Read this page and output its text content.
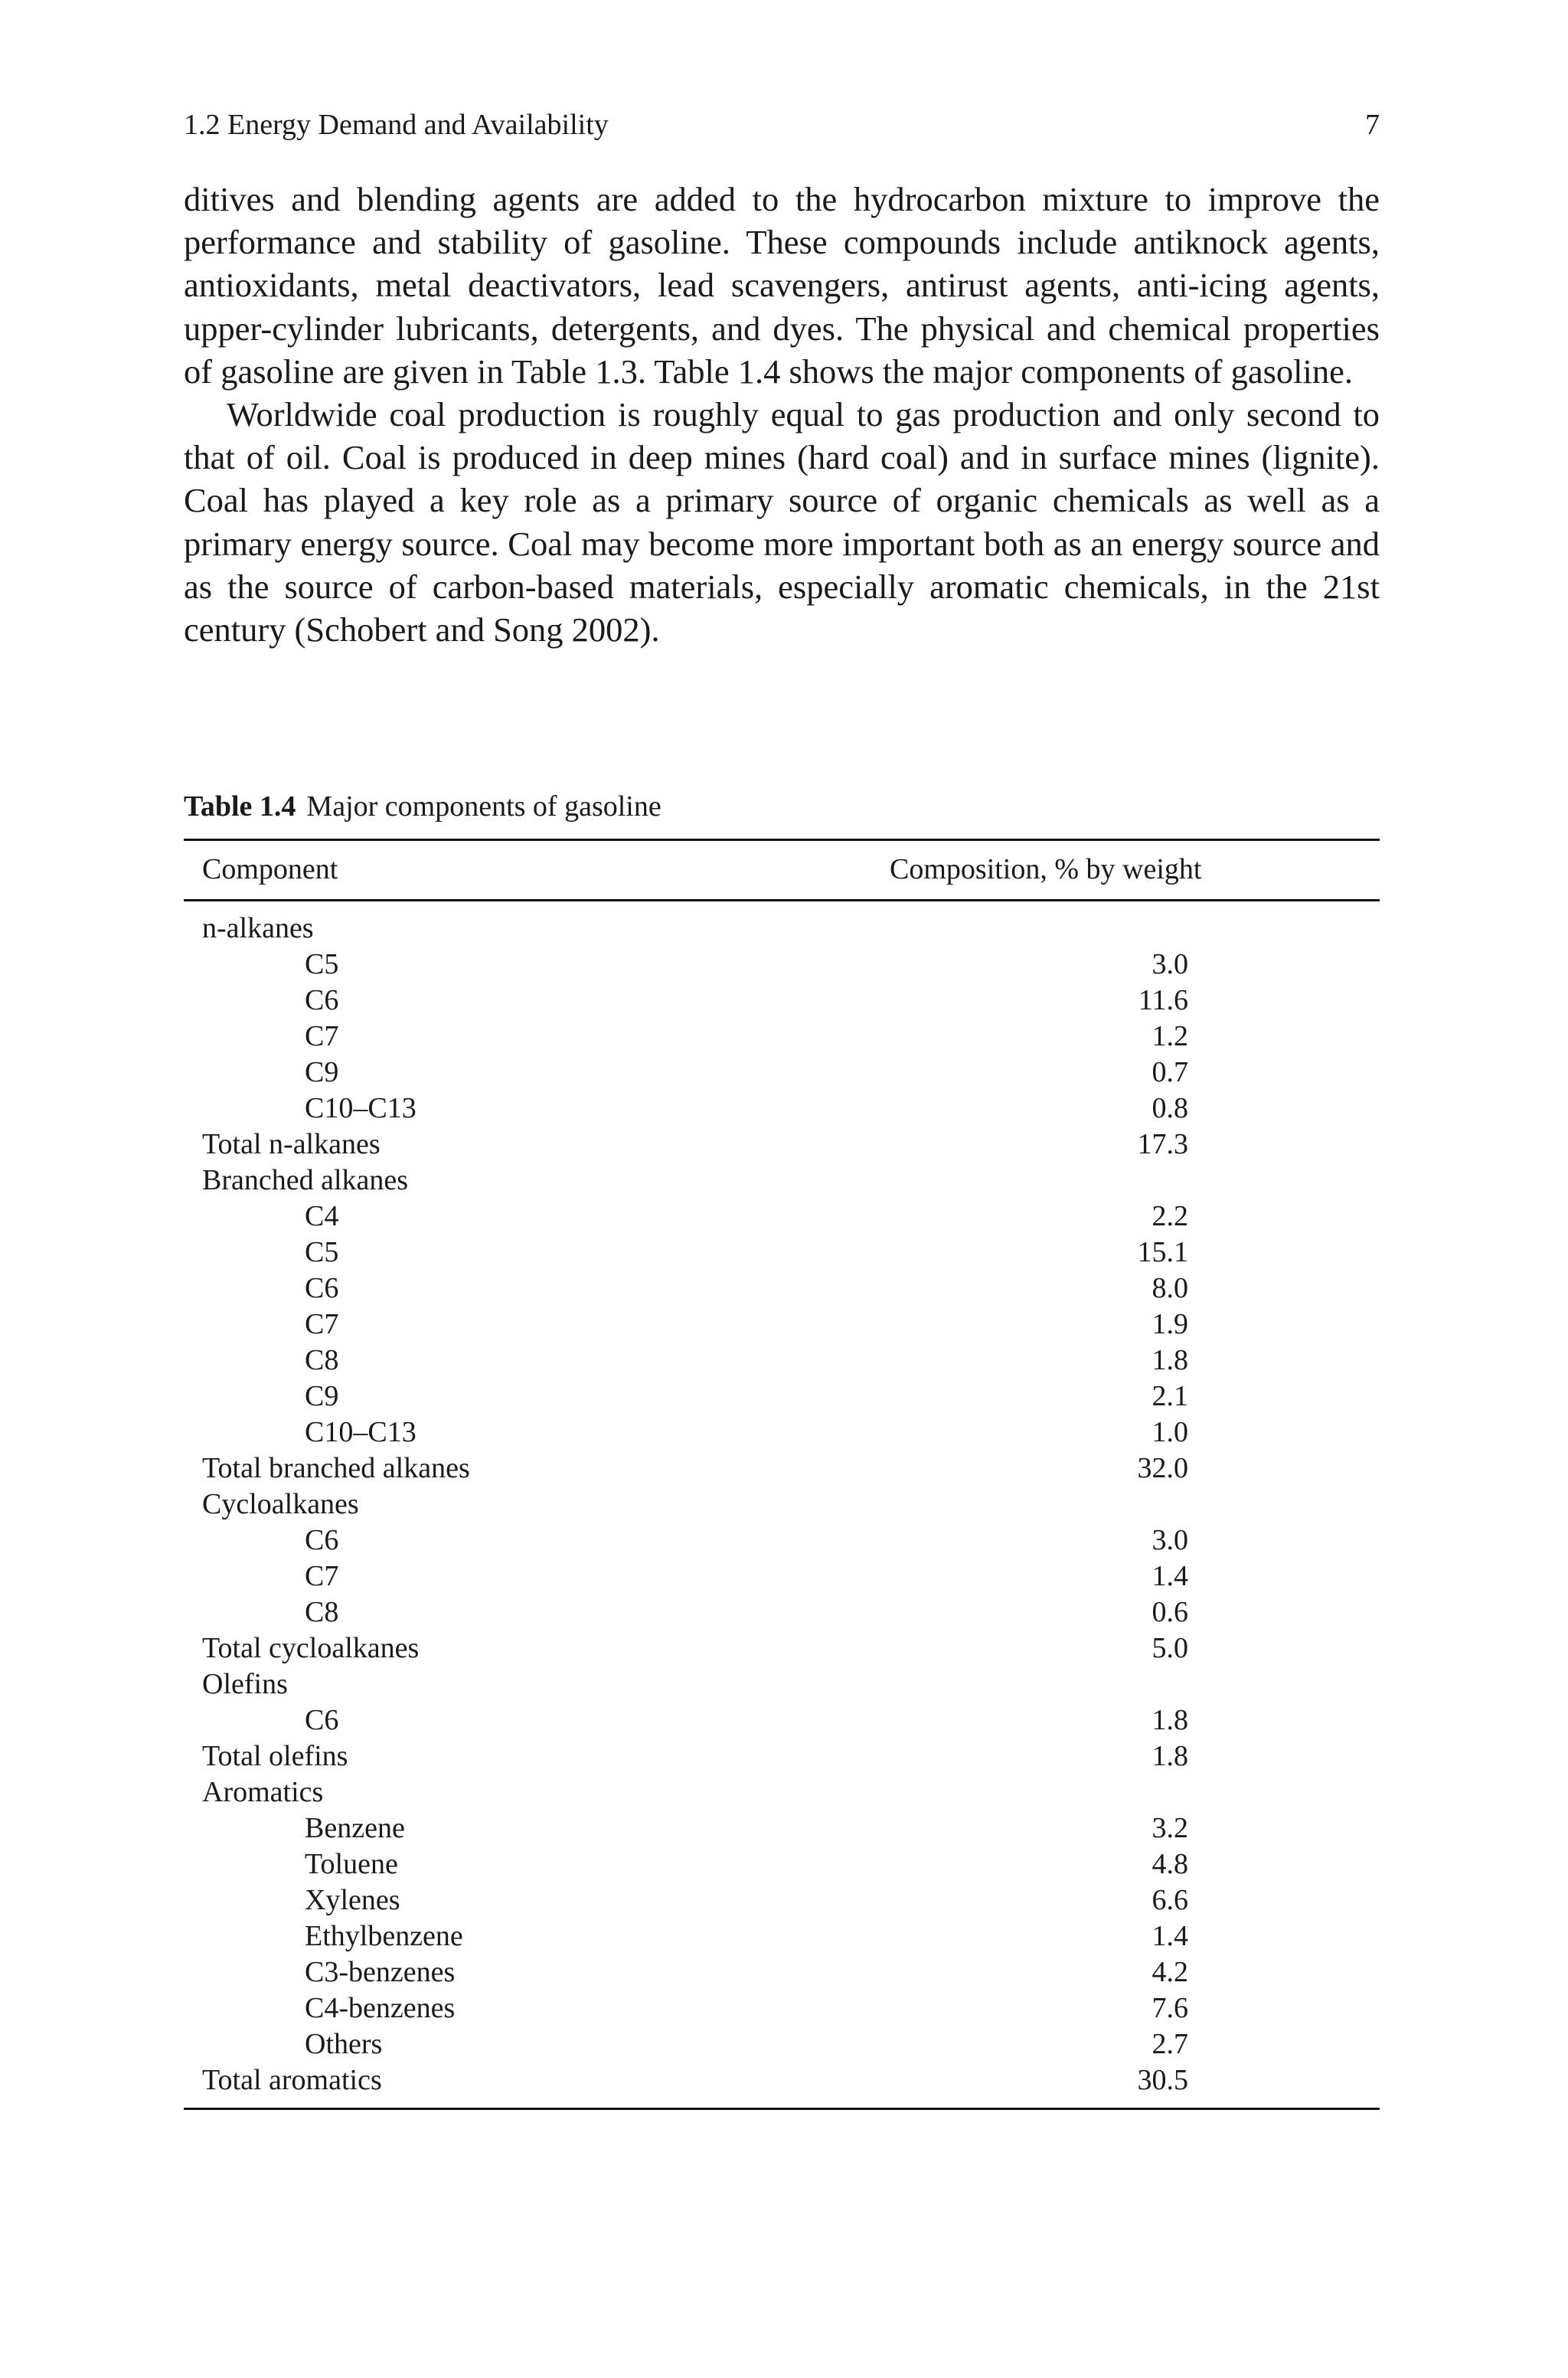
1.2 Energy Demand and Availability	7

ditives and blending agents are added to the hydrocarbon mixture to improve the performance and stability of gasoline. These compounds include antiknock agents, antioxidants, metal deactivators, lead scavengers, antirust agents, anti-icing agents, upper-cylinder lubricants, detergents, and dyes. The physical and chemical properties of gasoline are given in Table 1.3. Table 1.4 shows the major components of gasoline.

Worldwide coal production is roughly equal to gas production and only second to that of oil. Coal is produced in deep mines (hard coal) and in surface mines (lignite). Coal has played a key role as a primary source of organic chemicals as well as a primary energy source. Coal may become more important both as an energy source and as the source of carbon-based materials, especially aromatic chemicals, in the 21st century (Schobert and Song 2002).

Table 1.4 Major components of gasoline
Component	Composition, % by weight
n-alkanes
C5	3.0
C6	11.6
C7	1.2
C9	0.7
C10–C13	0.8
Total n-alkanes	17.3
Branched alkanes
C4	2.2
C5	15.1
C6	8.0
C7	1.9
C8	1.8
C9	2.1
C10–C13	1.0
Total branched alkanes	32.0
Cycloalkanes
C6	3.0
C7	1.4
C8	0.6
Total cycloalkanes	5.0
Olefins
C6	1.8
Total olefins	1.8
Aromatics
Benzene	3.2
Toluene	4.8
Xylenes	6.6
Ethylbenzene	1.4
C3-benzenes	4.2
C4-benzenes	7.6
Others	2.7
Total aromatics	30.5
